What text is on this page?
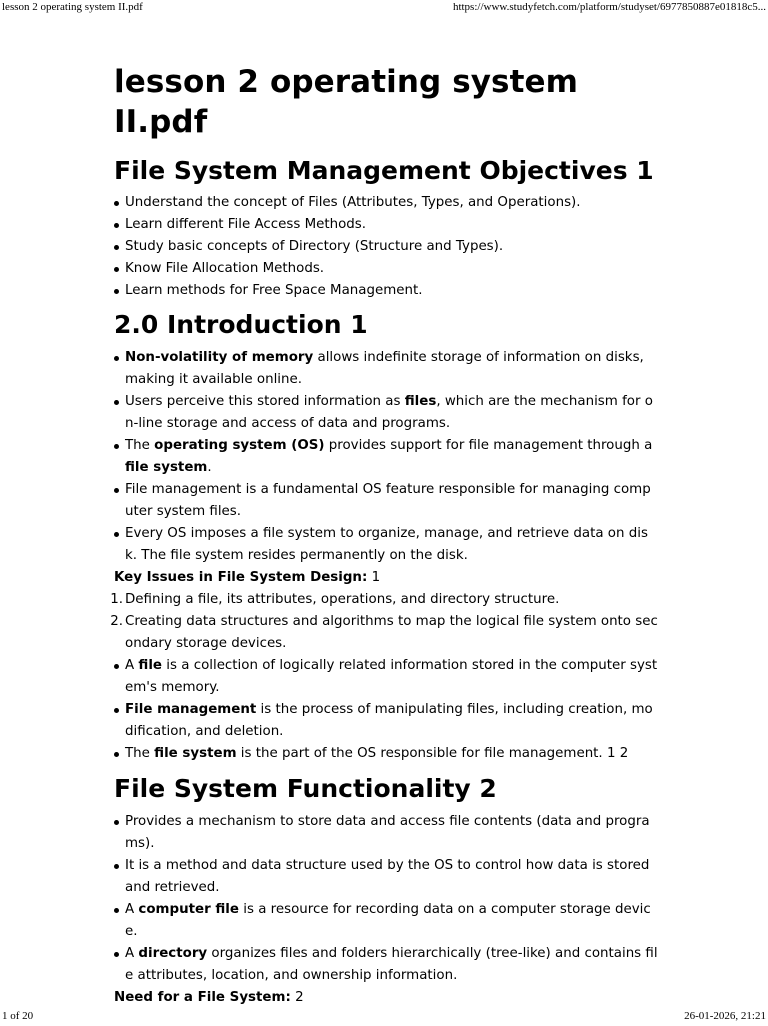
lesson 2 operating system II.pdf	https://www.studyfetch.com/platform/studyset/6977850887e01818c5...
lesson 2 operating system II.pdf
File System Management Objectives 1
Understand the concept of Files (Attributes, Types, and Operations).
Learn different File Access Methods.
Study basic concepts of Directory (Structure and Types).
Know File Allocation Methods.
Learn methods for Free Space Management.
2.0 Introduction 1
Non-volatility of memory allows indefinite storage of information on disks, making it available online.
Users perceive this stored information as files, which are the mechanism for on-line storage and access of data and programs.
The operating system (OS) provides support for file management through a file system.
File management is a fundamental OS feature responsible for managing computer system files.
Every OS imposes a file system to organize, manage, and retrieve data on disk. The file system resides permanently on the disk.

Key Issues in File System Design: 1

1. Defining a file, its attributes, operations, and directory structure.
2. Creating data structures and algorithms to map the logical file system onto secondary storage devices.
A file is a collection of logically related information stored in the computer system's memory.
File management is the process of manipulating files, including creation, modification, and deletion.
The file system is the part of the OS responsible for file management. 1 2
File System Functionality 2
Provides a mechanism to store data and access file contents (data and programs).
It is a method and data structure used by the OS to control how data is stored and retrieved.
A computer file is a resource for recording data on a computer storage device.
A directory organizes files and folders hierarchically (tree-like) and contains file attributes, location, and ownership information.

Need for a File System: 2

1 of 20	26-01-2026, 21:21
